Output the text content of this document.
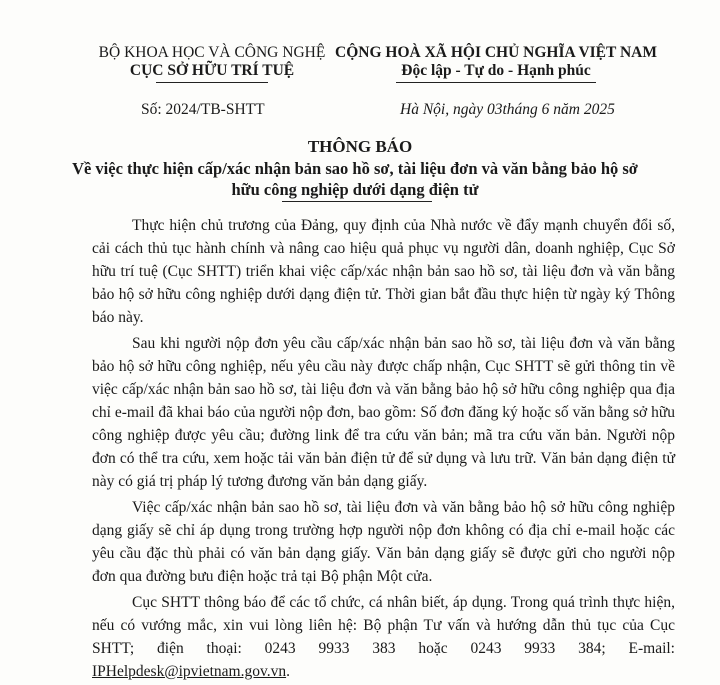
BỘ KHOA HỌC VÀ CÔNG NGHỆ
CỤC SỞ HỮU TRÍ TUỆ
CỘNG HOÀ XÃ HỘI CHỦ NGHĨA VIỆT NAM
Độc lập - Tự do - Hạnh phúc
Số: 2024/TB-SHTT	Hà Nội, ngày 03tháng 6 năm 2025
THÔNG BÁO
Về việc thực hiện cấp/xác nhận bản sao hồ sơ, tài liệu đơn và văn bằng bảo hộ sở hữu công nghiệp dưới dạng điện tử

Thực hiện chủ trương của Đảng, quy định của Nhà nước về đẩy mạnh chuyển đổi số, cải cách thủ tục hành chính và nâng cao hiệu quả phục vụ người dân, doanh nghiệp, Cục Sở hữu trí tuệ (Cục SHTT) triển khai việc cấp/xác nhận bản sao hồ sơ, tài liệu đơn và văn bằng bảo hộ sở hữu công nghiệp dưới dạng điện tử. Thời gian bắt đầu thực hiện từ ngày ký Thông báo này.

Sau khi người nộp đơn yêu cầu cấp/xác nhận bản sao hồ sơ, tài liệu đơn và văn bằng bảo hộ sở hữu công nghiệp, nếu yêu cầu này được chấp nhận, Cục SHTT sẽ gửi thông tin về việc cấp/xác nhận bản sao hồ sơ, tài liệu đơn và văn bằng bảo hộ sở hữu công nghiệp qua địa chỉ e-mail đã khai báo của người nộp đơn, bao gồm: Số đơn đăng ký hoặc số văn bằng sở hữu công nghiệp được yêu cầu; đường link để tra cứu văn bản; mã tra cứu văn bản. Người nộp đơn có thể tra cứu, xem hoặc tải văn bản điện tử để sử dụng và lưu trữ. Văn bản dạng điện tử này có giá trị pháp lý tương đương văn bản dạng giấy.

Việc cấp/xác nhận bản sao hồ sơ, tài liệu đơn và văn bằng bảo hộ sở hữu công nghiệp dạng giấy sẽ chỉ áp dụng trong trường hợp người nộp đơn không có địa chỉ e-mail hoặc các yêu cầu đặc thù phải có văn bản dạng giấy. Văn bản dạng giấy sẽ được gửi cho người nộp đơn qua đường bưu điện hoặc trả tại Bộ phận Một cửa.

Cục SHTT thông báo để các tổ chức, cá nhân biết, áp dụng. Trong quá trình thực hiện, nếu có vướng mắc, xin vui lòng liên hệ: Bộ phận Tư vấn và hướng dẫn thủ tục của Cục SHTT; điện thoại: 0243 9933 383 hoặc 0243 9933 384; E-mail: IPHelpdesk@ipvietnam.gov.vn.
